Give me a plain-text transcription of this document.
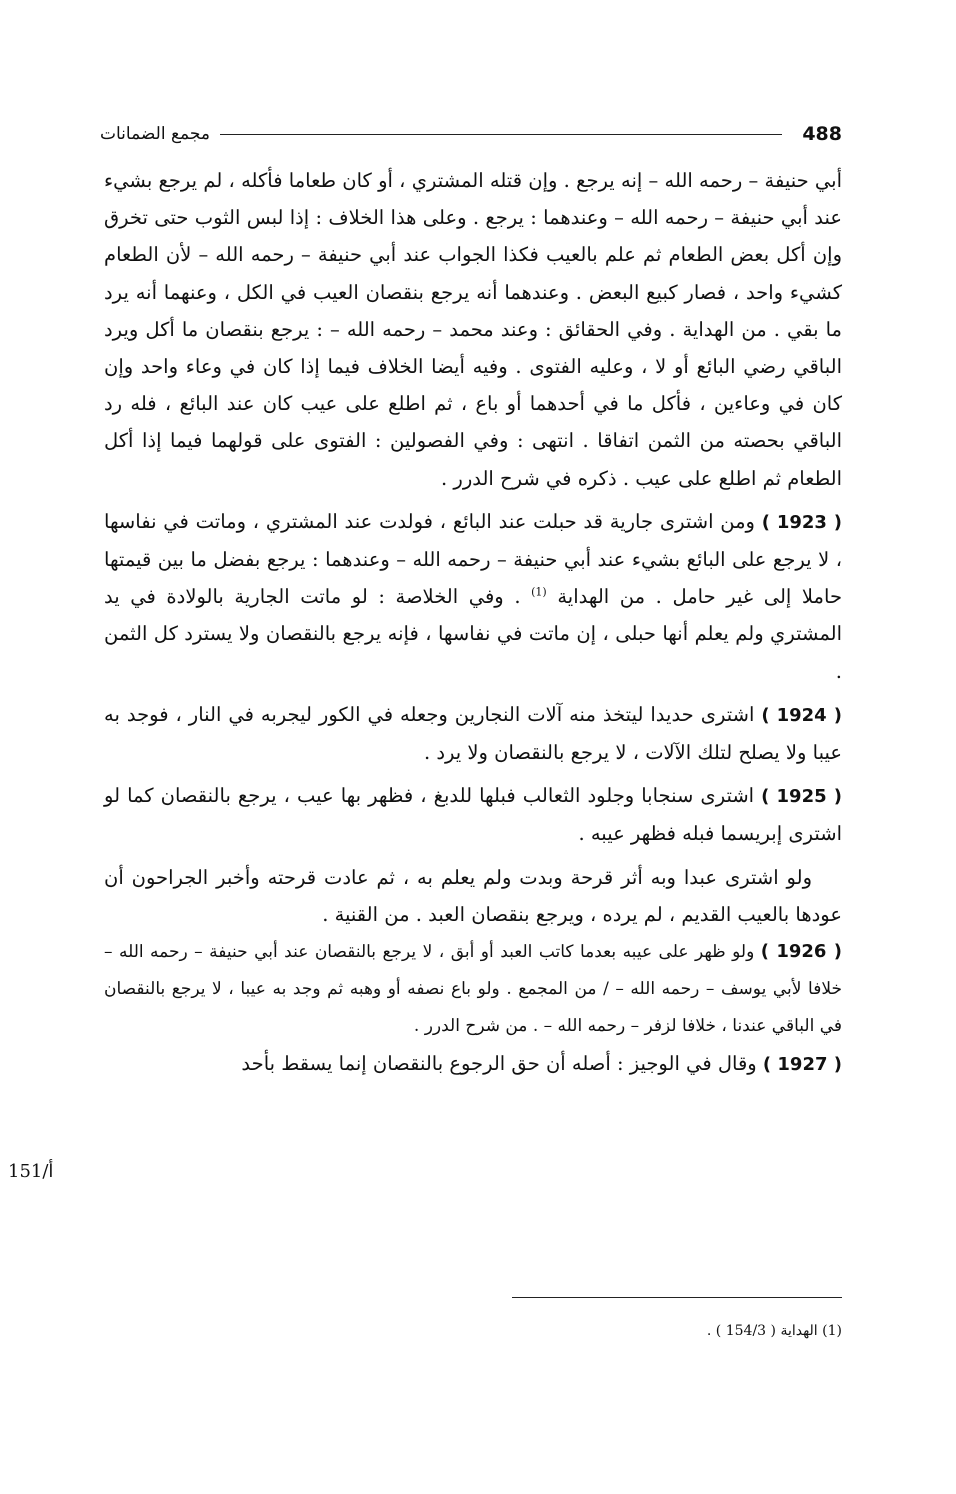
488
مجمع الضمانات

أبي حنيفة – رحمه الله – إنه يرجع . وإن قتله المشتري ، أو كان طعاما فأكله ، لم يرجع بشيء عند أبي حنيفة – رحمه الله – وعندهما : يرجع . وعلى هذا الخلاف : إذا لبس الثوب حتى تخرق وإن أكل بعض الطعام ثم علم بالعيب فكذا الجواب عند أبي حنيفة – رحمه الله – لأن الطعام كشيء واحد ، فصار كبيع البعض . وعندهما أنه يرجع بنقصان العيب في الكل ، وعنهما أنه يرد ما بقي . من الهداية . وفي الحقائق : وعند محمد – رحمه الله – : يرجع بنقصان ما أكل ويرد الباقي رضي البائع أو لا ، وعليه الفتوى . وفيه أيضا الخلاف فيما إذا كان في وعاء واحد وإن كان في وعاءين ، فأكل ما في أحدهما أو باع ، ثم اطلع على عيب كان عند البائع ، فله رد الباقي بحصته من الثمن اتفاقا . انتهى : وفي الفصولين : الفتوى على قولهما فيما إذا أكل الطعام ثم اطلع على عيب . ذكره في شرح الدرر .

( 1923 ) ومن اشترى جارية قد حبلت عند البائع ، فولدت عند المشتري ، وماتت في نفاسها ، لا يرجع على البائع بشيء عند أبي حنيفة – رحمه الله – وعندهما : يرجع بفضل ما بين قيمتها حاملا إلى غير حامل . من الهداية $^{(1)}$ . وفي الخلاصة : لو ماتت الجارية بالولادة في يد المشتري ولم يعلم أنها حبلى ، إن ماتت في نفاسها ، فإنه يرجع بالنقصان ولا يسترد كل الثمن .

( 1924 ) اشترى حديدا ليتخذ منه آلات النجارين وجعله في الكور ليجربه في النار ، فوجد به عيبا ولا يصلح لتلك الآلات ، لا يرجع بالنقصان ولا يرد .

( 1925 ) اشترى سنجابا وجلود الثعالب فبلها للدبغ ، فظهر بها عيب ، يرجع بالنقصان كما لو اشترى إبريسما فبله فظهر عيبه .

ولو اشترى عبدا وبه أثر قرحة وبدت ولم يعلم به ، ثم عادت قرحته وأخبر الجراحون أن عودها بالعيب القديم ، لم يرده ، ويرجع بنقصان العبد . من القنية .

( 1926 ) ولو ظهر على عيبه بعدما كاتب العبد أو أبق ، لا يرجع بالنقصان عند أبي حنيفة – رحمه الله – خلافا لأبي يوسف – رحمه الله – / من المجمع . ولو باع نصفه أو وهبه ثم وجد به عيبا ، لا يرجع بالنقصان في الباقي عندنا ، خلافا لزفر – رحمه الله – . من شرح الدرر .

( 1927 ) وقال في الوجيز : أصله أن حق الرجوع بالنقصان إنما يسقط بأحد

151/أ
(1) الهداية ( 154/3 ) .
